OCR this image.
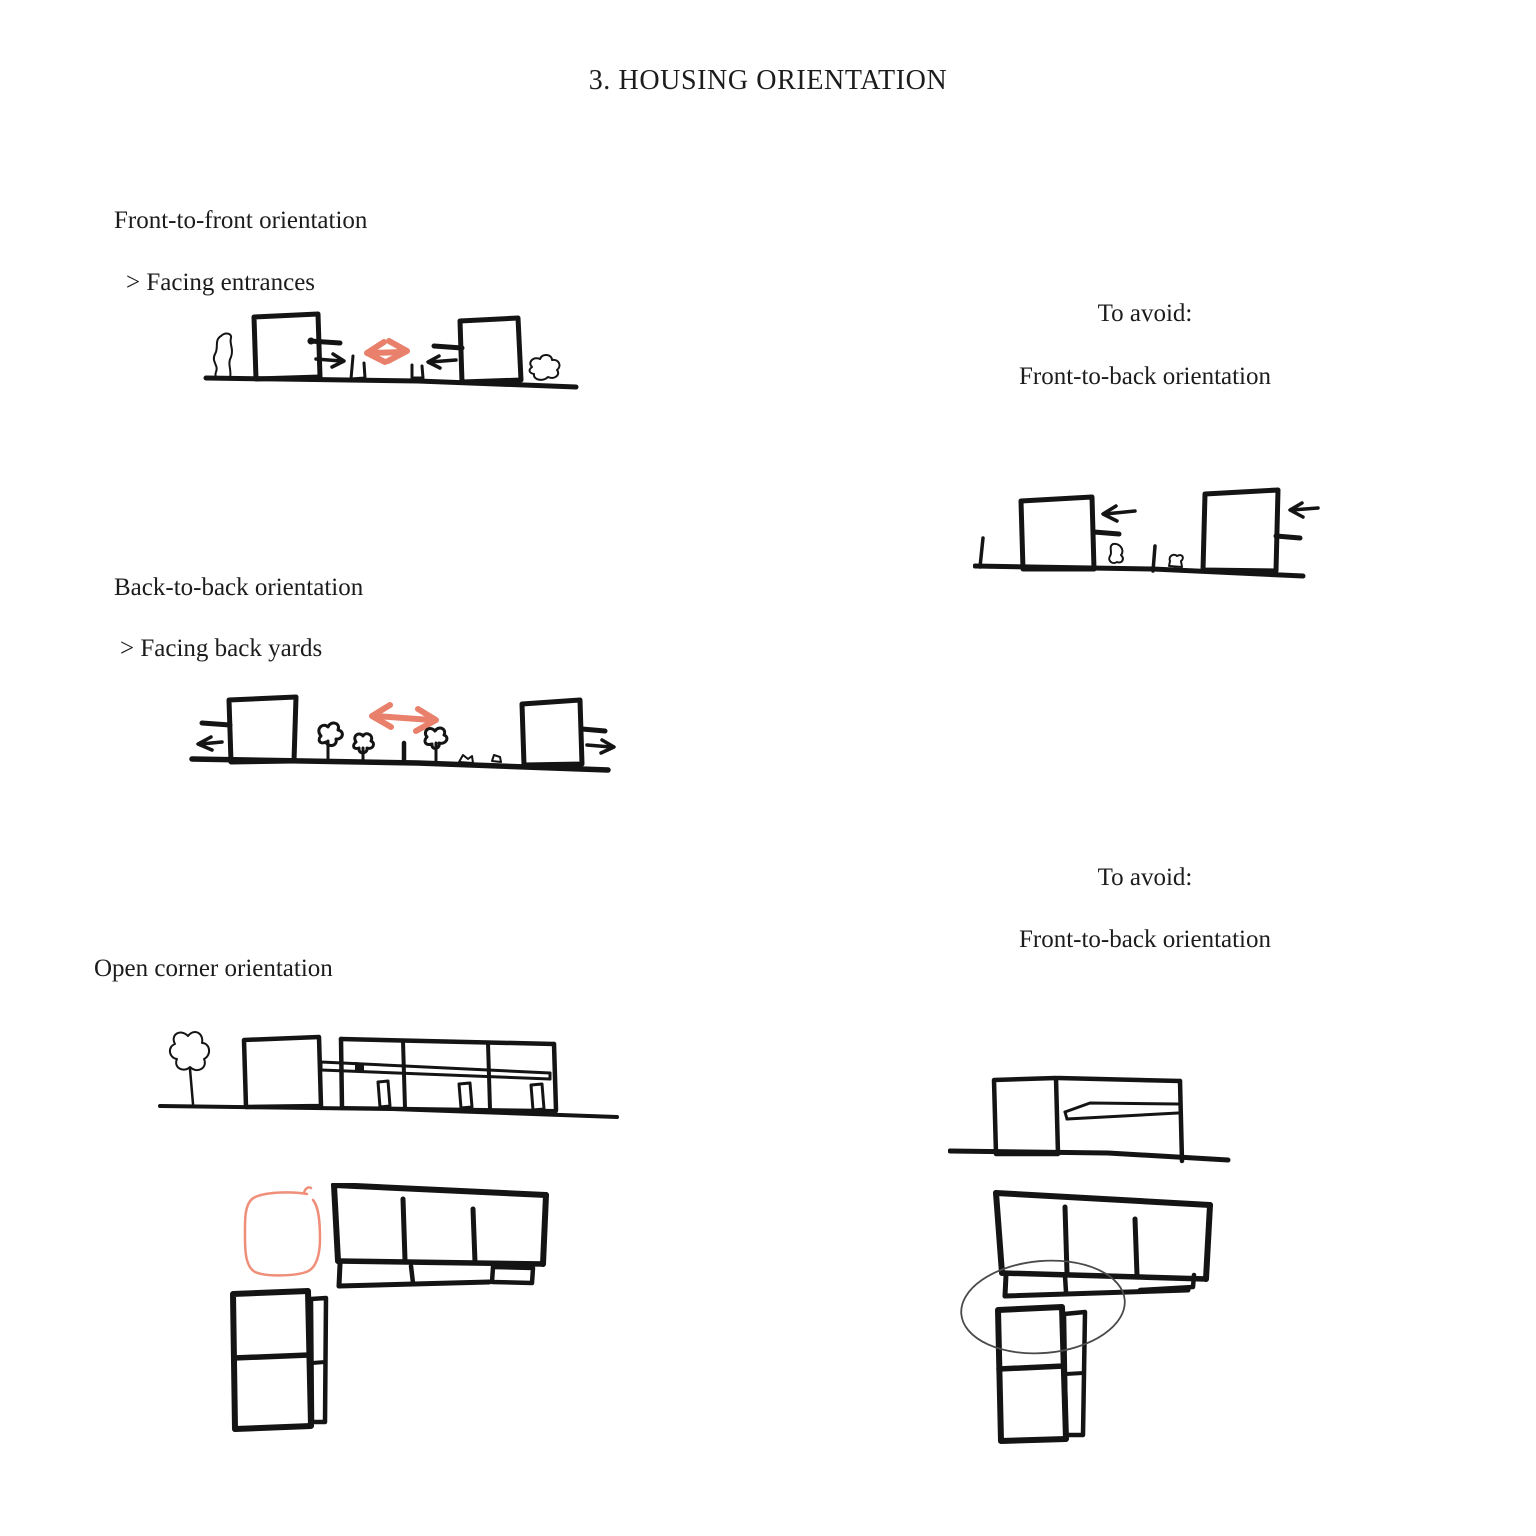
3. HOUSING ORIENTATION
Front-to-front orientation
> Facing entrances
To avoid:
Front-to-back orientation
Back-to-back orientation
> Facing back yards
To avoid:
Front-to-back orientation
Open corner orientation
